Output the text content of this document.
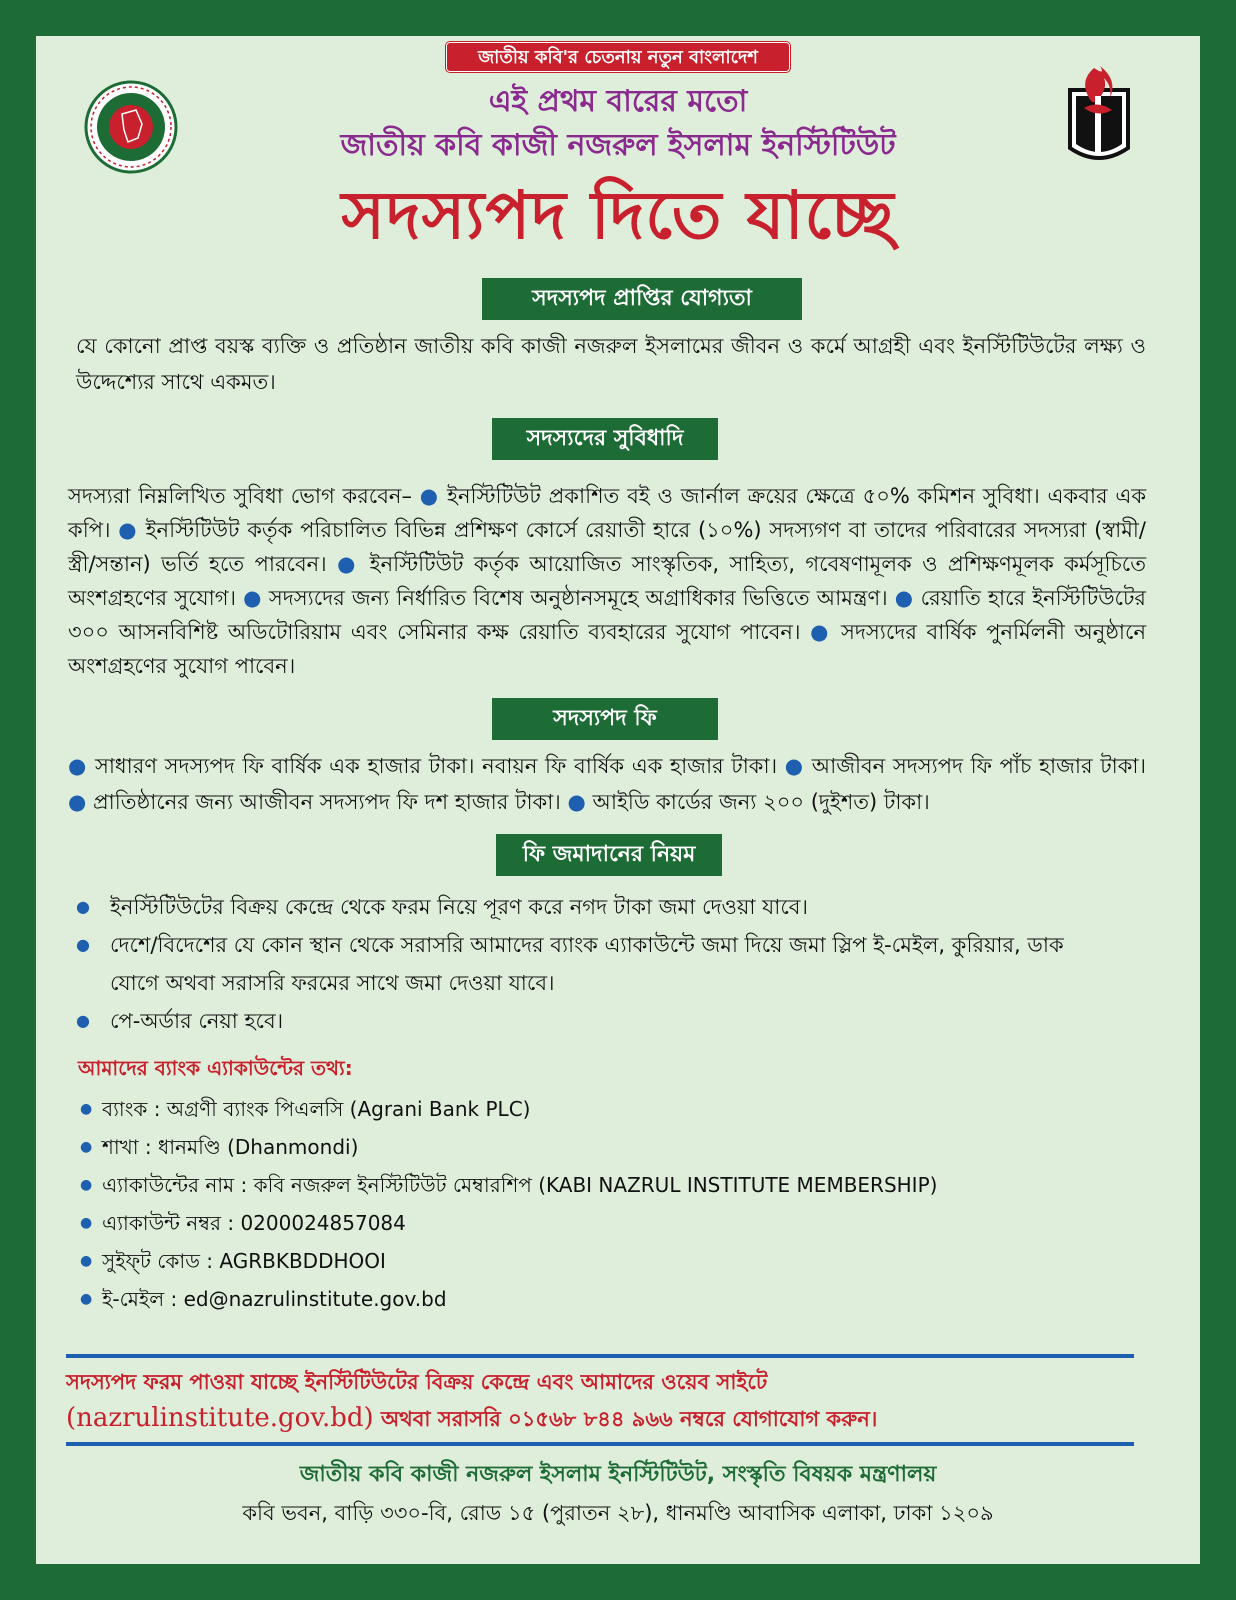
জাতীয় কবি'র চেতনায় নতুন বাংলাদেশ
এই প্রথম বারের মতো
জাতীয় কবি কাজী নজরুল ইসলাম ইনস্টিটিউট
সদস্যপদ দিতে যাচ্ছে
সদস্যপদ প্রাপ্তির যোগ্যতা
যে কোনো প্রাপ্ত বয়স্ক ব্যক্তি ও প্রতিষ্ঠান জাতীয় কবি কাজী নজরুল ইসলামের জীবন ও কর্মে আগ্রহী এবং ইনস্টিটিউটের লক্ষ্য ও উদ্দেশ্যের সাথে একমত।
সদস্যদের সুবিধাদি
সদস্যরা নিম্নলিখিত সুবিধা ভোগ করবেন– ● ইনস্টিটিউট প্রকাশিত বই ও জার্নাল ক্রয়ের ক্ষেত্রে ৫০% কমিশন সুবিধা। একবার এক কপি। ● ইনস্টিটিউট কর্তৃক পরিচালিত বিভিন্ন প্রশিক্ষণ কোর্সে রেয়াতী হারে (১০%) সদস্যগণ বা তাদের পরিবারের সদস্যরা (স্বামী/স্ত্রী/সন্তান) ভর্তি হতে পারবেন। ● ইনস্টিটিউট কর্তৃক আয়োজিত সাংস্কৃতিক, সাহিত্য, গবেষণামূলক ও প্রশিক্ষণমূলক কর্মসূচিতে অংশগ্রহণের সুযোগ। ● সদস্যদের জন্য নির্ধারিত বিশেষ অনুষ্ঠানসমূহে অগ্রাধিকার ভিত্তিতে আমন্ত্রণ। ● রেয়াতি হারে ইনস্টিটিউটের ৩০০ আসনবিশিষ্ট অডিটোরিয়াম এবং সেমিনার কক্ষ রেয়াতি ব্যবহারের সুযোগ পাবেন। ● সদস্যদের বার্ষিক পুনর্মিলনী অনুষ্ঠানে অংশগ্রহণের সুযোগ পাবেন।
সদস্যপদ ফি
● সাধারণ সদস্যপদ ফি বার্ষিক এক হাজার টাকা। নবায়ন ফি বার্ষিক এক হাজার টাকা। ● আজীবন সদস্যপদ ফি পাঁচ হাজার টাকা। ● প্রাতিষ্ঠানের জন্য আজীবন সদস্যপদ ফি দশ হাজার টাকা। ● আইডি কার্ডের জন্য ২০০ (দুইশত) টাকা।
ফি জমাদানের নিয়ম
● ইনস্টিটিউটের বিক্রয় কেন্দ্রে থেকে ফরম নিয়ে পূরণ করে নগদ টাকা জমা দেওয়া যাবে।
● দেশে/বিদেশের যে কোন স্থান থেকে সরাসরি আমাদের ব্যাংক এ্যাকাউন্টে জমা দিয়ে জমা স্লিপ ই-মেইল, কুরিয়ার, ডাক যোগে অথবা সরাসরি ফরমের সাথে জমা দেওয়া যাবে।
● পে-অর্ডার নেয়া হবে।
আমাদের ব্যাংক এ্যাকাউন্টের তথ্য:
● ব্যাংক : অগ্রণী ব্যাংক পিএলসি (Agrani Bank PLC)
● শাখা : ধানমণ্ডি (Dhanmondi)
● এ্যাকাউন্টের নাম : কবি নজরুল ইনস্টিটিউট মেম্বারশিপ (KABI NAZRUL INSTITUTE MEMBERSHIP)
● এ্যাকাউন্ট নম্বর : 0200024857084
● সুইফ্‌ট কোড : AGRBKBDDHOOI
● ই-মেইল : ed@nazrulinstitute.gov.bd
সদস্যপদ ফরম পাওয়া যাচ্ছে ইনস্টিটিউটের বিক্রয় কেন্দ্রে এবং আমাদের ওয়েব সাইটে
(nazrulinstitute.gov.bd) অথবা সরাসরি ০১৫৬৮ ৮৪৪ ৯৬৬ নম্বরে যোগাযোগ করুন।
জাতীয় কবি কাজী নজরুল ইসলাম ইনস্টিটিউট, সংস্কৃতি বিষয়ক মন্ত্রণালয়
কবি ভবন, বাড়ি ৩৩০-বি, রোড ১৫ (পুরাতন ২৮), ধানমণ্ডি আবাসিক এলাকা, ঢাকা ১২০৯
